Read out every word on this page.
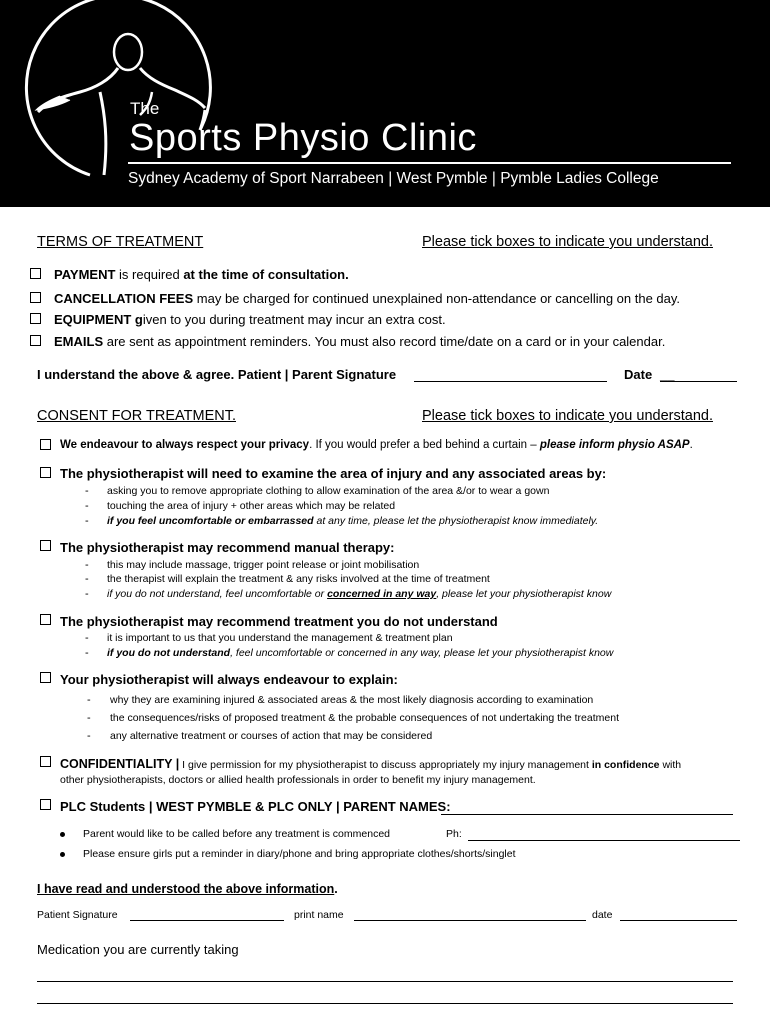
The
Sports Physio Clinic
Sydney Academy of Sport Narrabeen | West Pymble | Pymble Ladies College
TERMS OF TREATMENT	Please tick boxes to indicate you understand.
PAYMENT is required at the time of consultation.
CANCELLATION FEES may be charged for continued unexplained non-attendance or cancelling on the day.
EQUIPMENT given to you during treatment may incur an extra cost.
EMAILS are sent as appointment reminders. You must also record time/date on a card or in your calendar.
I understand the above & agree. Patient | Parent Signature	Date __
CONSENT FOR TREATMENT.	Please tick boxes to indicate you understand.
We endeavour to always respect your privacy. If you would prefer a bed behind a curtain – please inform physio ASAP.
The physiotherapist will need to examine the area of injury and any associated areas by:
- asking you to remove appropriate clothing to allow examination of the area &/or to wear a gown
- touching the area of injury + other areas which may be related
- if you feel uncomfortable or embarrassed at any time, please let the physiotherapist know immediately.
The physiotherapist may recommend manual therapy:
- this may include massage, trigger point release or joint mobilisation
- the therapist will explain the treatment & any risks involved at the time of treatment
- if you do not understand, feel uncomfortable or concerned in any way, please let your physiotherapist know
The physiotherapist may recommend treatment you do not understand
- it is important to us that you understand the management & treatment plan
- if you do not understand, feel uncomfortable or concerned in any way, please let your physiotherapist know
Your physiotherapist will always endeavour to explain:
- why they are examining injured & associated areas & the most likely diagnosis according to examination
- the consequences/risks of proposed treatment & the probable consequences of not undertaking the treatment
- any alternative treatment or courses of action that may be considered
CONFIDENTIALITY | I give permission for my physiotherapist to discuss appropriately my injury management in confidence with
other physiotherapists, doctors or allied health professionals in order to benefit my injury management.
PLC Students | WEST PYMBLE & PLC ONLY | PARENT NAMES:
Parent would like to be called before any treatment is commenced	Ph:
Please ensure girls put a reminder in diary/phone and bring appropriate clothes/shorts/singlet
I have read and understood the above information.
Patient Signature	print name	date
Medication you are currently taking
